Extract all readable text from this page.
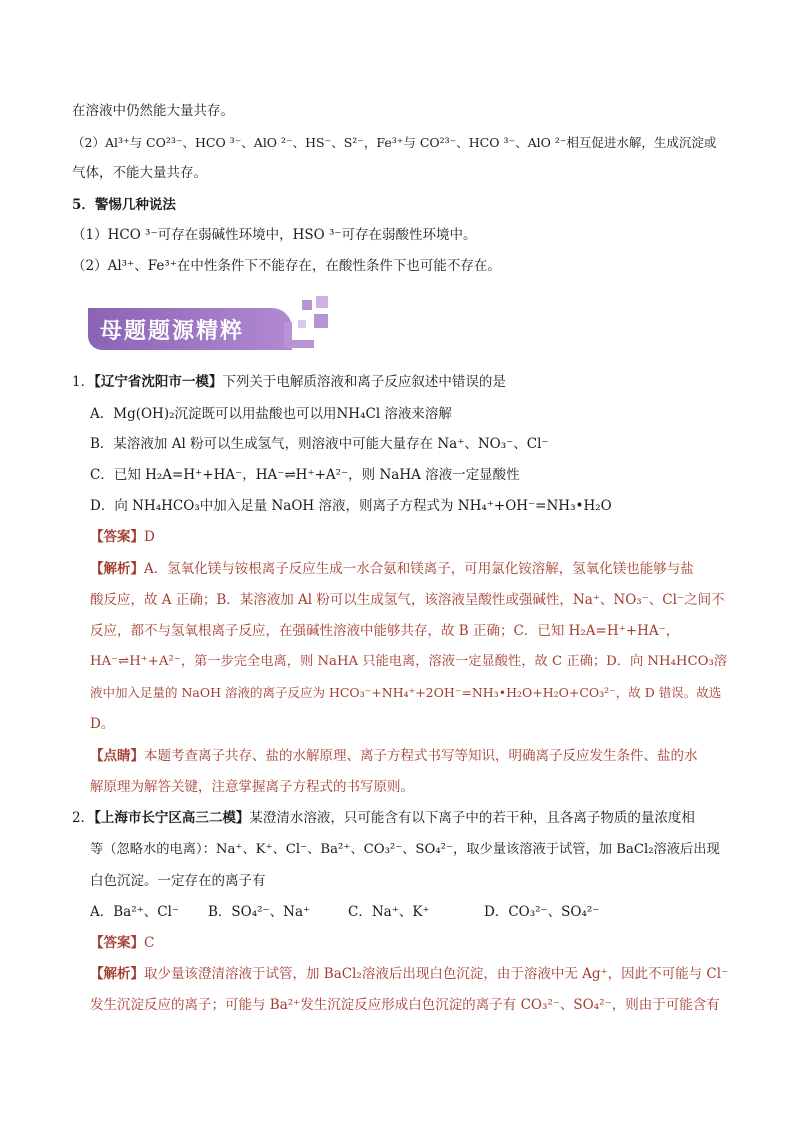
在溶液中仍然能大量共存。
（2）Al³⁺与 CO²³⁻、HCO ³⁻、AlO ²⁻、HS⁻、S²⁻，Fe³⁺与 CO²³⁻、HCO ³⁻、AlO ²⁻相互促进水解，生成沉淀或
气体，不能大量共存。
5．警惕几种说法
（1）HCO ³⁻可存在弱碱性环境中，HSO ³⁻可存在弱酸性环境中。
（2）Al³⁺、Fe³⁺在中性条件下不能存在，在酸性条件下也可能不存在。
母题题源精粹
1．【辽宁省沈阳市一模】下列关于电解质溶液和离子反应叙述中错误的是
A．Mg(OH)₂沉淀既可以用盐酸也可以用NH₄Cl 溶液来溶解
B．某溶液加 Al 粉可以生成氢气，则溶液中可能大量存在 Na⁺、NO₃⁻、Cl⁻
C．已知 H₂A=H⁺+HA⁻，HA⁻⇌H⁺+A²⁻，则 NaHA 溶液一定显酸性
D．向 NH₄HCO₃中加入足量 NaOH 溶液，则离子方程式为 NH₄⁺+OH⁻=NH₃•H₂O
【答案】D
【解析】A．氢氧化镁与铵根离子反应生成一水合氨和镁离子，可用氯化铵溶解，氢氧化镁也能够与盐
酸反应，故 A 正确；B．某溶液加 Al 粉可以生成氢气，该溶液呈酸性或强碱性，Na⁺、NO₃⁻、Cl⁻之间不
反应，都不与氢氧根离子反应，在强碱性溶液中能够共存，故 B 正确；C．已知 H₂A=H⁺+HA⁻，
HA⁻⇌H⁺+A²⁻，第一步完全电离，则 NaHA 只能电离，溶液一定显酸性，故 C 正确；D．向 NH₄HCO₃溶
液中加入足量的 NaOH 溶液的离子反应为 HCO₃⁻+NH₄⁺+2OH⁻=NH₃•H₂O+H₂O+CO₃²⁻，故 D 错误。故选
D。
【点睛】本题考查离子共存、盐的水解原理、离子方程式书写等知识，明确离子反应发生条件、盐的水
解原理为解答关键，注意掌握离子方程式的书写原则。
2．【上海市长宁区高三二模】某澄清水溶液，只可能含有以下离子中的若干种，且各离子物质的量浓度相
等（忽略水的电离）：Na⁺、K⁺、Cl⁻、Ba²⁺、CO₃²⁻、SO₄²⁻，取少量该溶液于试管，加 BaCl₂溶液后出现
白色沉淀。一定存在的离子有
A．Ba²⁺、Cl⁻ B．SO₄²⁻、Na⁺	C．Na⁺、K⁺	D．CO₃²⁻、SO₄²⁻
【答案】C
【解析】取少量该澄清溶液于试管，加 BaCl₂溶液后出现白色沉淀，由于溶液中无 Ag⁺，因此不可能与 Cl⁻
发生沉淀反应的离子；可能与 Ba²⁺发生沉淀反应形成白色沉淀的离子有 CO₃²⁻、SO₄²⁻，则由于可能含有
